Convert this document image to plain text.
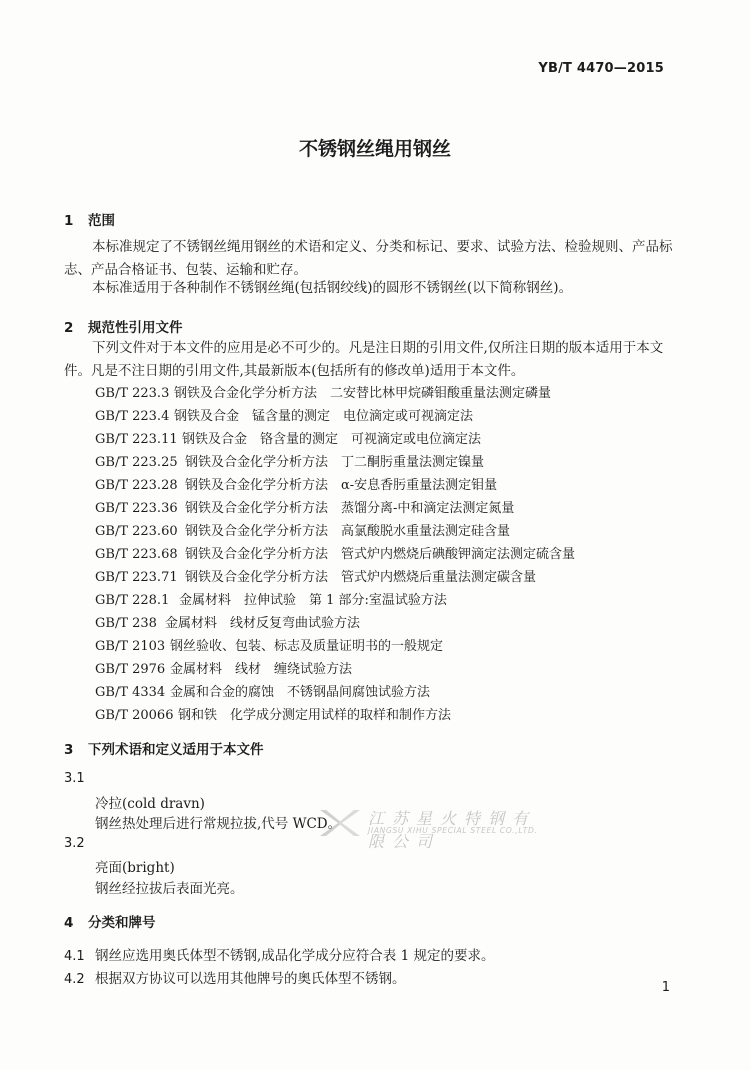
YB/T 4470—2015
不锈钢丝绳用钢丝
1 范围
本标准规定了不锈钢丝绳用钢丝的术语和定义、分类和标记、要求、试验方法、检验规则、产品标志、产品合格证书、包装、运输和贮存。
本标准适用于各种制作不锈钢丝绳(包括钢绞线)的圆形不锈钢丝(以下简称钢丝)。
2 规范性引用文件
下列文件对于本文件的应用是必不可少的。凡是注日期的引用文件,仅所注日期的版本适用于本文件。凡是不注日期的引用文件,其最新版本(包括所有的修改单)适用于本文件。
GB/T 223.3 钢铁及合金化学分析方法　二安替比林甲烷磷钼酸重量法测定磷量
GB/T 223.4 钢铁及合金　锰含量的测定　电位滴定或可视滴定法
GB/T 223.11 钢铁及合金　铬含量的测定　可视滴定或电位滴定法
GB/T 223.25 钢铁及合金化学分析方法　丁二酮肟重量法测定镍量
GB/T 223.28 钢铁及合金化学分析方法　α-安息香肟重量法测定钼量
GB/T 223.36 钢铁及合金化学分析方法　蒸馏分离-中和滴定法测定氮量
GB/T 223.60 钢铁及合金化学分析方法　高氯酸脱水重量法测定硅含量
GB/T 223.68 钢铁及合金化学分析方法　管式炉内燃烧后碘酸钾滴定法测定硫含量
GB/T 223.71 钢铁及合金化学分析方法　管式炉内燃烧后重量法测定碳含量
GB/T 228.1 金属材料　拉伸试验　第 1 部分:室温试验方法
GB/T 238 金属材料　线材反复弯曲试验方法
GB/T 2103 钢丝验收、包装、标志及质量证明书的一般规定
GB/T 2976 金属材料　线材　缠绕试验方法
GB/T 4334 金属和合金的腐蚀　不锈钢晶间腐蚀试验方法
GB/T 20066 钢和铁　化学成分测定用试样的取样和制作方法
3 下列术语和定义适用于本文件
3.1
冷拉(cold dravn)
钢丝热处理后进行常规拉拔,代号 WCD。
3.2
亮面(bright)
钢丝经拉拔后表面光亮。
4 分类和牌号
4.1 钢丝应选用奥氏体型不锈钢,成品化学成分应符合表 1 规定的要求。
4.2 根据双方协议可以选用其他牌号的奥氏体型不锈钢。
江苏星火特钢有限公司
JIANGSU XIHU SPECIAL STEEL CO.,LTD.
1
